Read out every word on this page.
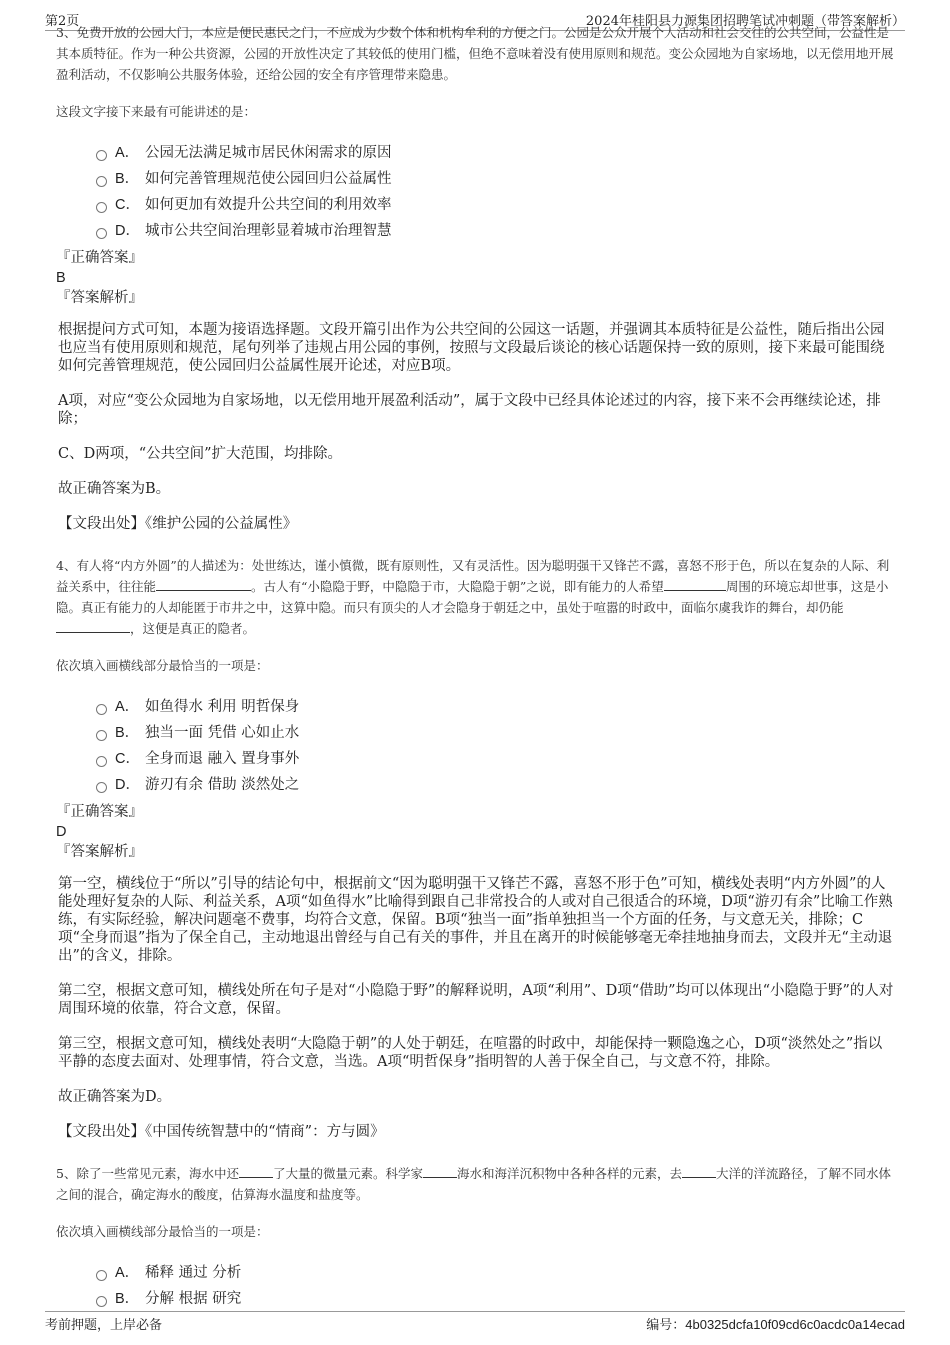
第2页	2024年桂阳县力源集团招聘笔试冲刺题（带答案解析）

3、免费开放的公园大门，本应是便民惠民之门，不应成为少数个体和机构牟利的方便之门。公园是公众开展个人活动和社会交往的公共空间，公益性是其本质特征。作为一种公共资源，公园的开放性决定了其较低的使用门槛，但绝不意味着没有使用原则和规范。变公众园地为自家场地，以无偿用地开展盈利活动，不仅影响公共服务体验，还给公园的安全有序管理带来隐患。

这段文字接下来最有可能讲述的是：

A． 公园无法满足城市居民休闲需求的原因
B． 如何完善管理规范使公园回归公益属性
C． 如何更加有效提升公共空间的利用效率
D． 城市公共空间治理彰显着城市治理智慧

『正确答案』

B

『答案解析』

根据提问方式可知，本题为接语选择题。文段开篇引出作为公共空间的公园这一话题，并强调其本质特征是公益性，随后指出公园也应当有使用原则和规范，尾句列举了违规占用公园的事例，按照与文段最后谈论的核心话题保持一致的原则，接下来最可能围绕如何完善管理规范，使公园回归公益属性展开论述，对应B项。

A项，对应“变公众园地为自家场地，以无偿用地开展盈利活动”，属于文段中已经具体论述过的内容，接下来不会再继续论述，排除；

C、D两项，“公共空间”扩大范围，均排除。

故正确答案为B。

【文段出处】《维护公园的公益属性》

4、有人将“内方外圆”的人描述为：处世练达，谨小慎微，既有原则性，又有灵活性。因为聪明强干又锋芒不露，喜怒不形于色，所以在复杂的人际、利益关系中，往往能	。古人有“小隐隐于野，中隐隐于市，大隐隐于朝”之说，即有能力的人希望	周围的环境忘却世事，这是小隐。真正有能力的人却能匿于市井之中，这算中隐。而只有顶尖的人才会隐身于朝廷之中，虽处于喧嚣的时政中，面临尔虞我诈的舞台，却仍能，这便是真正的隐者。

依次填入画横线部分最恰当的一项是：

A． 如鱼得水 利用 明哲保身
B． 独当一面 凭借 心如止水
C． 全身而退 融入 置身事外
D． 游刃有余 借助 淡然处之

『正确答案』

D

『答案解析』

第一空，横线位于“所以”引导的结论句中，根据前文“因为聪明强干又锋芒不露，喜怒不形于色”可知，横线处表明“内方外圆”的人能处理好复杂的人际、利益关系，A项“如鱼得水”比喻得到跟自己非常投合的人或对自己很适合的环境，D项“游刃有余”比喻工作熟练，有实际经验，解决问题毫不费事，均符合文意，保留。B项“独当一面”指单独担当一个方面的任务，与文意无关，排除；C项“全身而退”指为了保全自己，主动地退出曾经与自己有关的事件，并且在离开的时候能够毫无牵挂地抽身而去，文段并无“主动退出”的含义，排除。

第二空，根据文意可知，横线处所在句子是对“小隐隐于野”的解释说明，A项“利用”、D项“借助”均可以体现出“小隐隐于野”的人对周围环境的依靠，符合文意，保留。

第三空，根据文意可知，横线处表明“大隐隐于朝”的人处于朝廷，在喧嚣的时政中，却能保持一颗隐逸之心，D项“淡然处之”指以平静的态度去面对、处理事情，符合文意，当选。A项“明哲保身”指明智的人善于保全自己，与文意不符，排除。

故正确答案为D。

【文段出处】《中国传统智慧中的“情商”：方与圆》

5、除了一些常见元素，海水中还	了大量的微量元素。科学家	海水和海洋沉积物中各种各样的元素，去	大洋的洋流路径，了解不同水体之间的混合，确定海水的酸度，估算海水温度和盐度等。

依次填入画横线部分最恰当的一项是：

A． 稀释 通过 分析
B． 分解 根据 研究
考前押题，上岸必备	编号：4b0325dcfa10f09cd6c0acdc0a14ecad
